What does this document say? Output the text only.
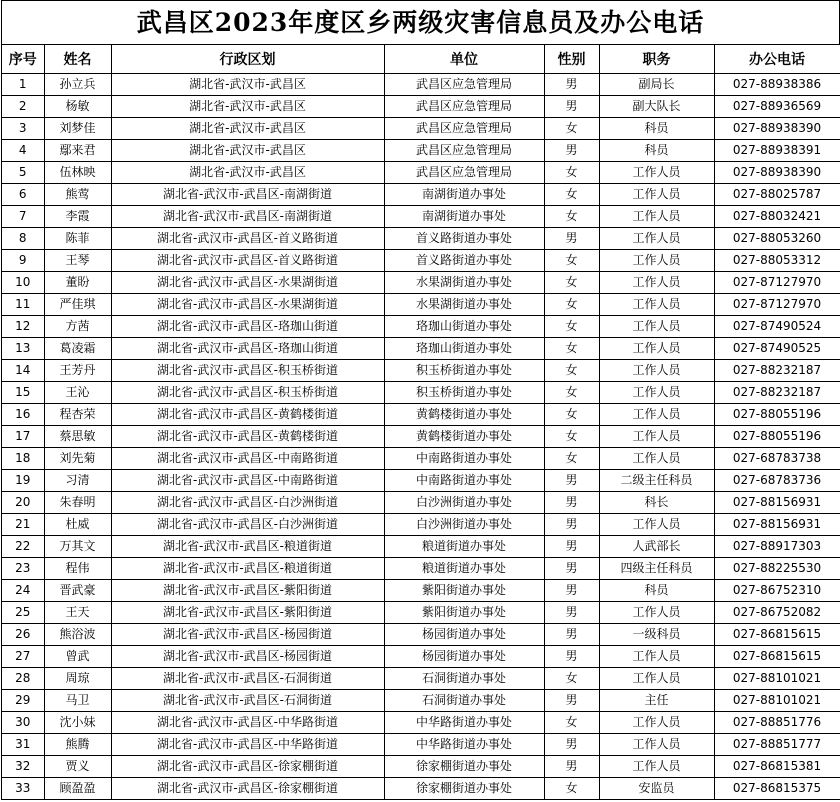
武昌区2023年度区乡两级灾害信息员及办公电话
序号	姓名	行政区划	单位	性别	职务	办公电话
1	孙立兵	湖北省-武汉市-武昌区	武昌区应急管理局	男	副局长	027-88938386
2	杨敏	湖北省-武汉市-武昌区	武昌区应急管理局	男	副大队长	027-88936569
3	刘梦佳	湖北省-武汉市-武昌区	武昌区应急管理局	女	科员	027-88938390
4	鄢来君	湖北省-武汉市-武昌区	武昌区应急管理局	男	科员	027-88938391
5	伍林映	湖北省-武汉市-武昌区	武昌区应急管理局	女	工作人员	027-88938390
6	熊莺	湖北省-武汉市-武昌区-南湖街道	南湖街道办事处	女	工作人员	027-88025787
7	李霞	湖北省-武汉市-武昌区-南湖街道	南湖街道办事处	女	工作人员	027-88032421
8	陈菲	湖北省-武汉市-武昌区-首义路街道	首义路街道办事处	男	工作人员	027-88053260
9	王琴	湖北省-武汉市-武昌区-首义路街道	首义路街道办事处	女	工作人员	027-88053312
10	董盼	湖北省-武汉市-武昌区-水果湖街道	水果湖街道办事处	女	工作人员	027-87127970
11	严佳琪	湖北省-武汉市-武昌区-水果湖街道	水果湖街道办事处	女	工作人员	027-87127970
12	方茜	湖北省-武汉市-武昌区-珞珈山街道	珞珈山街道办事处	女	工作人员	027-87490524
13	葛凌霜	湖北省-武汉市-武昌区-珞珈山街道	珞珈山街道办事处	女	工作人员	027-87490525
14	王芳丹	湖北省-武汉市-武昌区-积玉桥街道	积玉桥街道办事处	女	工作人员	027-88232187
15	王沁	湖北省-武汉市-武昌区-积玉桥街道	积玉桥街道办事处	女	工作人员	027-88232187
16	程杏荣	湖北省-武汉市-武昌区-黄鹤楼街道	黄鹤楼街道办事处	女	工作人员	027-88055196
17	蔡思敏	湖北省-武汉市-武昌区-黄鹤楼街道	黄鹤楼街道办事处	女	工作人员	027-88055196
18	刘先菊	湖北省-武汉市-武昌区-中南路街道	中南路街道办事处	女	工作人员	027-68783738
19	习清	湖北省-武汉市-武昌区-中南路街道	中南路街道办事处	男	二级主任科员	027-68783736
20	朱春明	湖北省-武汉市-武昌区-白沙洲街道	白沙洲街道办事处	男	科长	027-88156931
21	杜威	湖北省-武汉市-武昌区-白沙洲街道	白沙洲街道办事处	男	工作人员	027-88156931
22	万其文	湖北省-武汉市-武昌区-粮道街道	粮道街道办事处	男	人武部长	027-88917303
23	程伟	湖北省-武汉市-武昌区-粮道街道	粮道街道办事处	男	四级主任科员	027-88225530
24	晋武豪	湖北省-武汉市-武昌区-紫阳街道	紫阳街道办事处	男	科员	027-86752310
25	王天	湖北省-武汉市-武昌区-紫阳街道	紫阳街道办事处	男	工作人员	027-86752082
26	熊浴波	湖北省-武汉市-武昌区-杨园街道	杨园街道办事处	男	一级科员	027-86815615
27	曾武	湖北省-武汉市-武昌区-杨园街道	杨园街道办事处	男	工作人员	027-86815615
28	周琼	湖北省-武汉市-武昌区-石洞街道	石洞街道办事处	女	工作人员	027-88101021
29	马卫	湖北省-武汉市-武昌区-石洞街道	石洞街道办事处	男	主任	027-88101021
30	沈小妹	湖北省-武汉市-武昌区-中华路街道	中华路街道办事处	女	工作人员	027-88851776
31	熊腾	湖北省-武汉市-武昌区-中华路街道	中华路街道办事处	男	工作人员	027-88851777
32	贾义	湖北省-武汉市-武昌区-徐家棚街道	徐家棚街道办事处	男	工作人员	027-86815381
33	顾盈盈	湖北省-武汉市-武昌区-徐家棚街道	徐家棚街道办事处	女	安监员	027-86815375
